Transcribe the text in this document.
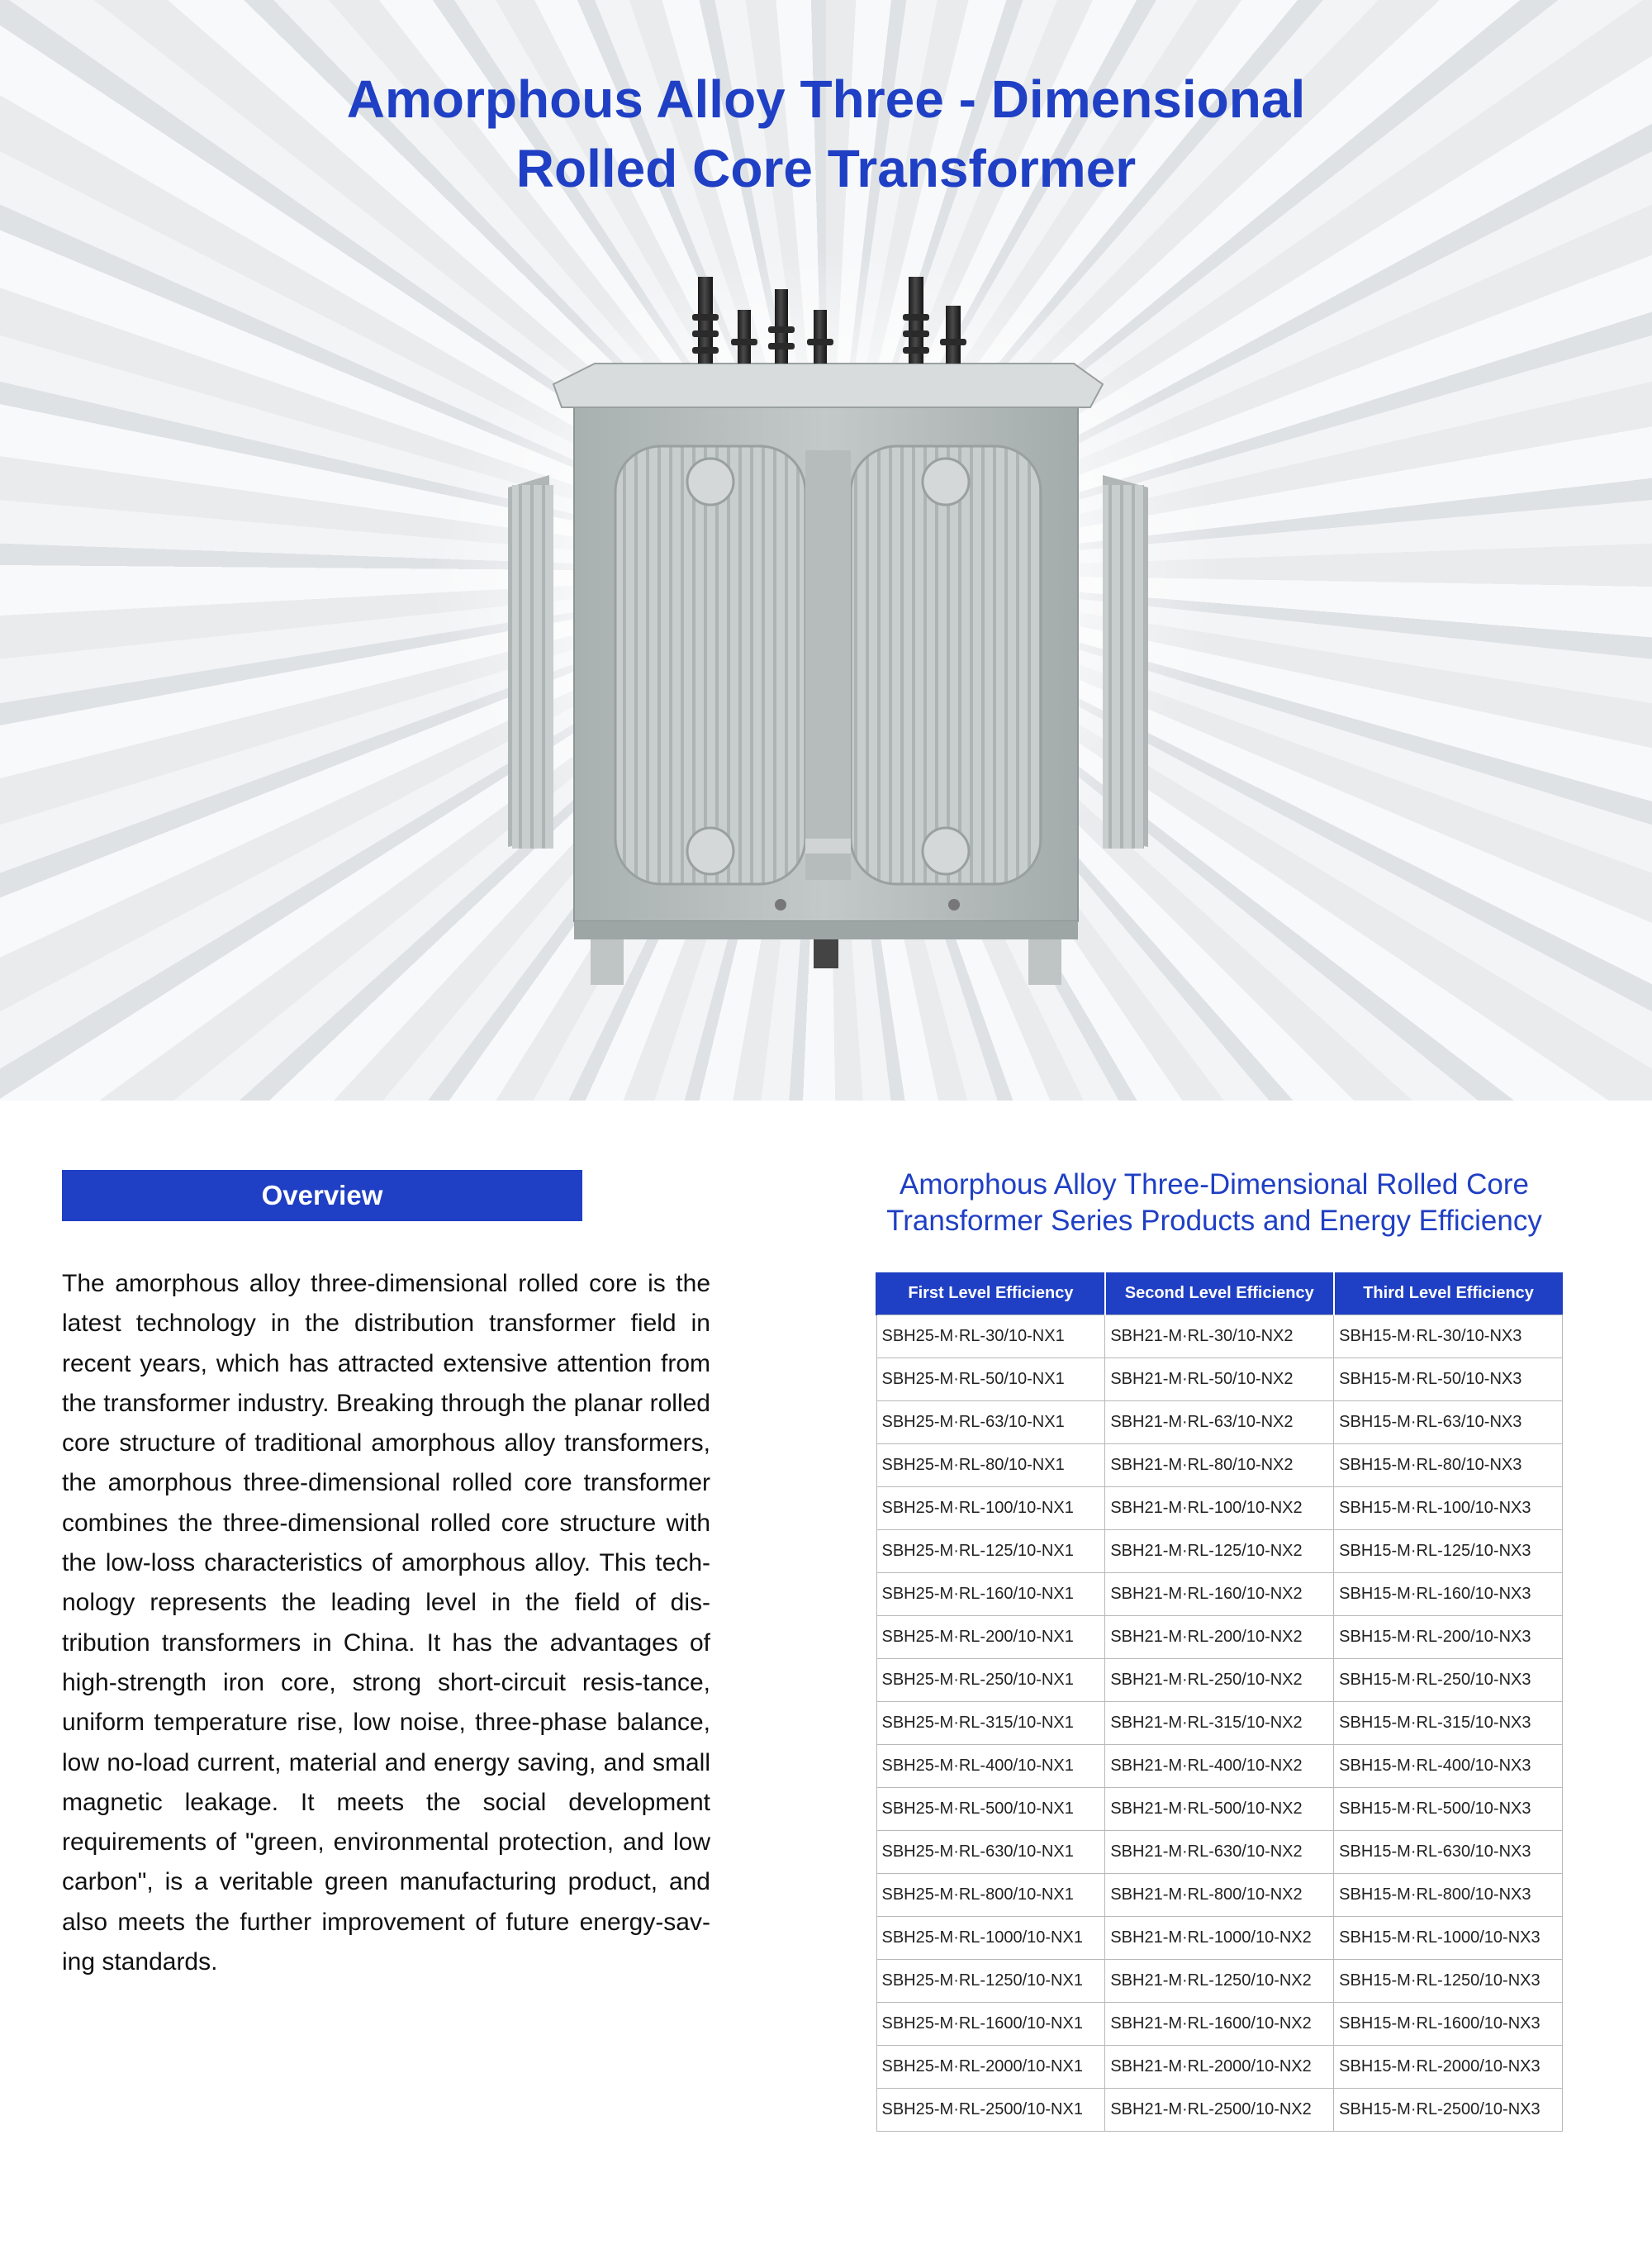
Amorphous Alloy Three - Dimensional
Rolled Core Transformer
Overview

The amorphous alloy three-dimensional rolled core is the latest technology in the distribution transformer field in recent years, which has attracted extensive attention from the transformer industry. Breaking through the planar rolled core structure of traditional amorphous alloy transformers, the amorphous three-dimensional rolled core transformer combines the three-dimensional rolled core structure with the low-loss characteristics of amorphous alloy. This tech-nology represents the leading level in the field of dis-tribution transformers in China. It has the advantages of high-strength iron core, strong short-circuit resis-tance, uniform temperature rise, low noise, three-phase balance, low no-load current, material and energy saving, and small magnetic leakage. It meets the social development requirements of "green, environmental protection, and low carbon", is a veritable green manufacturing product, and also meets the further improvement of future energy-sav-ing standards.

Amorphous Alloy Three-Dimensional Rolled Core
Transformer Series Products and Energy Efficiency
First Level Efficiency	Second Level Efficiency	Third Level Efficiency
SBH25-M·RL-30/10-NX1	SBH21-M·RL-30/10-NX2	SBH15-M·RL-30/10-NX3
SBH25-M·RL-50/10-NX1	SBH21-M·RL-50/10-NX2	SBH15-M·RL-50/10-NX3
SBH25-M·RL-63/10-NX1	SBH21-M·RL-63/10-NX2	SBH15-M·RL-63/10-NX3
SBH25-M·RL-80/10-NX1	SBH21-M·RL-80/10-NX2	SBH15-M·RL-80/10-NX3
SBH25-M·RL-100/10-NX1	SBH21-M·RL-100/10-NX2	SBH15-M·RL-100/10-NX3
SBH25-M·RL-125/10-NX1	SBH21-M·RL-125/10-NX2	SBH15-M·RL-125/10-NX3
SBH25-M·RL-160/10-NX1	SBH21-M·RL-160/10-NX2	SBH15-M·RL-160/10-NX3
SBH25-M·RL-200/10-NX1	SBH21-M·RL-200/10-NX2	SBH15-M·RL-200/10-NX3
SBH25-M·RL-250/10-NX1	SBH21-M·RL-250/10-NX2	SBH15-M·RL-250/10-NX3
SBH25-M·RL-315/10-NX1	SBH21-M·RL-315/10-NX2	SBH15-M·RL-315/10-NX3
SBH25-M·RL-400/10-NX1	SBH21-M·RL-400/10-NX2	SBH15-M·RL-400/10-NX3
SBH25-M·RL-500/10-NX1	SBH21-M·RL-500/10-NX2	SBH15-M·RL-500/10-NX3
SBH25-M·RL-630/10-NX1	SBH21-M·RL-630/10-NX2	SBH15-M·RL-630/10-NX3
SBH25-M·RL-800/10-NX1	SBH21-M·RL-800/10-NX2	SBH15-M·RL-800/10-NX3
SBH25-M·RL-1000/10-NX1	SBH21-M·RL-1000/10-NX2	SBH15-M·RL-1000/10-NX3
SBH25-M·RL-1250/10-NX1	SBH21-M·RL-1250/10-NX2	SBH15-M·RL-1250/10-NX3
SBH25-M·RL-1600/10-NX1	SBH21-M·RL-1600/10-NX2	SBH15-M·RL-1600/10-NX3
SBH25-M·RL-2000/10-NX1	SBH21-M·RL-2000/10-NX2	SBH15-M·RL-2000/10-NX3
SBH25-M·RL-2500/10-NX1	SBH21-M·RL-2500/10-NX2	SBH15-M·RL-2500/10-NX3
